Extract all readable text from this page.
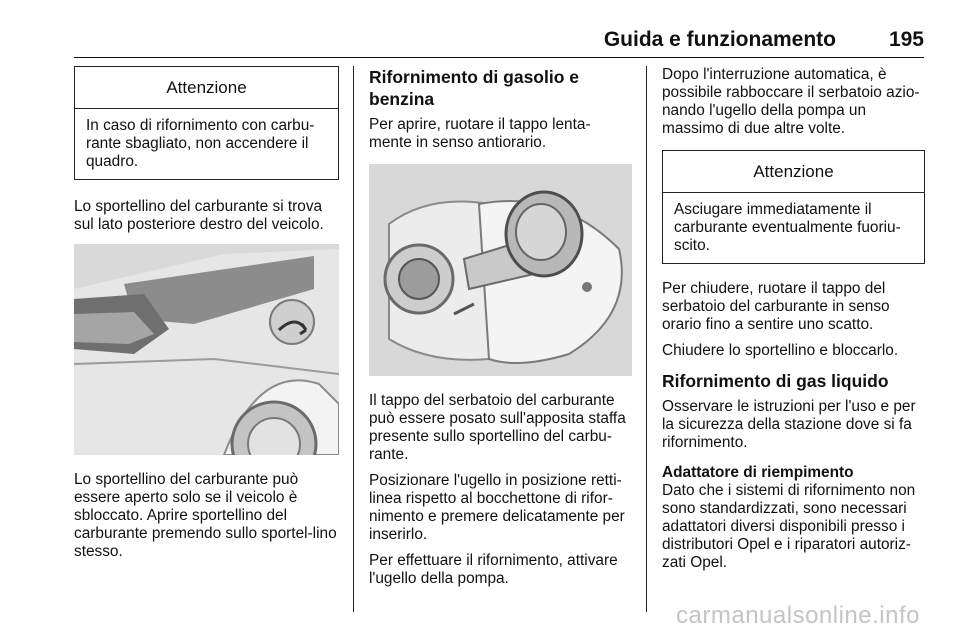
Guida e funzionamento	195
Attenzione
In caso di rifornimento con carbu-rante sbagliato, non accendere il quadro.

Lo sportellino del carburante si trova sul lato posteriore destro del veicolo.

Lo sportellino del carburante può essere aperto solo se il veicolo è sbloccato. Aprire sportellino del carburante premendo sullo sportel-lino stesso.

Rifornimento di gasolio e benzina

Per aprire, ruotare il tappo lenta-mente in senso antiorario.

Il tappo del serbatoio del carburante può essere posato sull'apposita staffa presente sullo sportellino del carbu-rante.

Posizionare l'ugello in posizione retti-linea rispetto al bocchettone di rifor-nimento e premere delicatamente per inserirlo.

Per effettuare il rifornimento, attivare l'ugello della pompa.

Dopo l'interruzione automatica, è possibile rabboccare il serbatoio azio-nando l'ugello della pompa un massimo di due altre volte.

Attenzione
Asciugare immediatamente il carburante eventualmente fuoriu-scito.

Per chiudere, ruotare il tappo del serbatoio del carburante in senso orario fino a sentire uno scatto.

Chiudere lo sportellino e bloccarlo.

Rifornimento di gas liquido

Osservare le istruzioni per l'uso e per la sicurezza della stazione dove si fa rifornimento.

Adattatore di riempimento

Dato che i sistemi di rifornimento non sono standardizzati, sono necessari adattatori diversi disponibili presso i distributori Opel e i riparatori autoriz-zati Opel.

carmanualsonline.info
